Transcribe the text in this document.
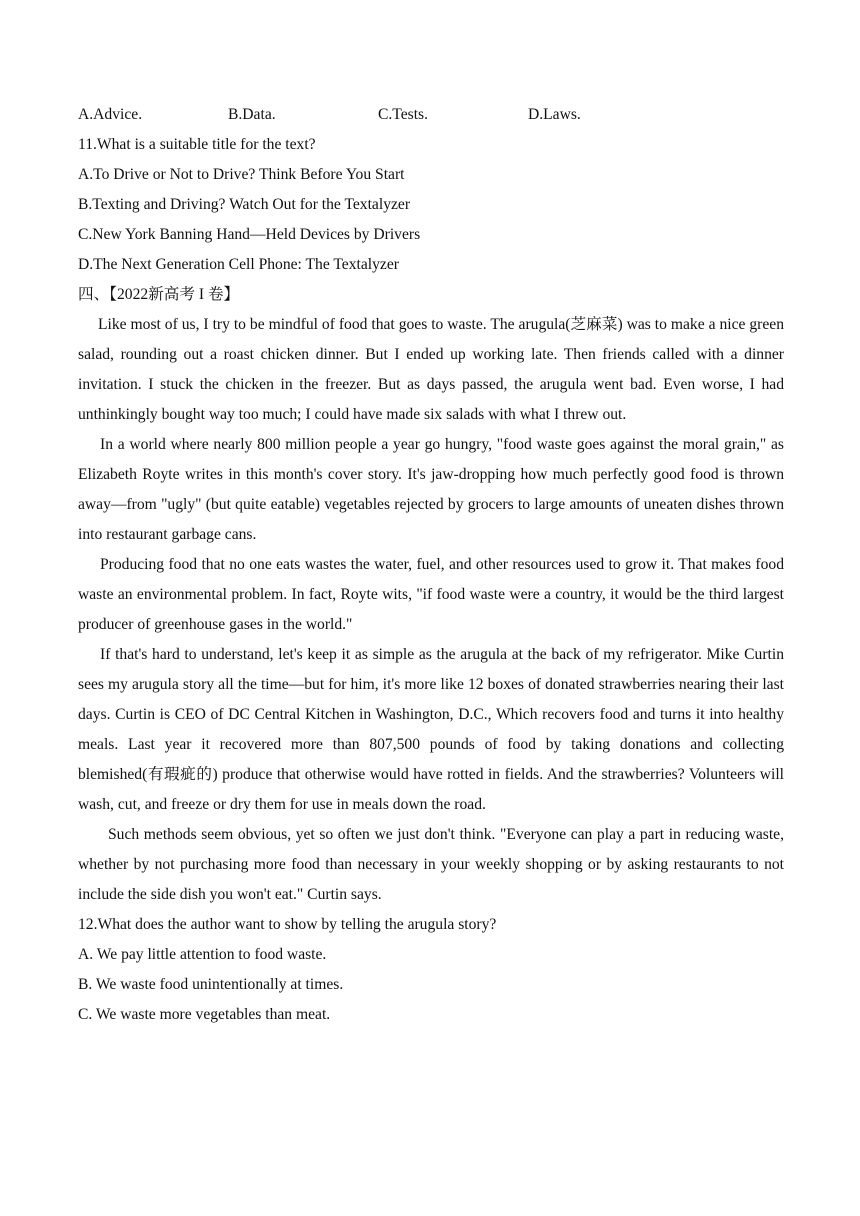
A.Advice.	B.Data.	C.Tests.	D.Laws.
11.What is a suitable title for the text?
A.To Drive or Not to Drive? Think Before You Start
B.Texting and Driving? Watch Out for the Textalyzer
C.New York Banning Hand—Held Devices by Drivers
D.The Next Generation Cell Phone: The Textalyzer
四、【2022新高考 I 卷】

Like most of us, I try to be mindful of food that goes to waste. The arugula(芝麻菜) was to make a nice green salad, rounding out a roast chicken dinner. But I ended up working late. Then friends called with a dinner invitation. I stuck the chicken in the freezer. But as days passed, the arugula went bad. Even worse, I had unthinkingly bought way too much; I could have made six salads with what I threw out.

In a world where nearly 800 million people a year go hungry, "food waste goes against the moral grain," as Elizabeth Royte writes in this month's cover story. It's jaw-dropping how much perfectly good food is thrown away—from "ugly" (but quite eatable) vegetables rejected by grocers to large amounts of uneaten dishes thrown into restaurant garbage cans.

Producing food that no one eats wastes the water, fuel, and other resources used to grow it. That makes food waste an environmental problem. In fact, Royte wits, "if food waste were a country, it would be the third largest producer of greenhouse gases in the world."

If that's hard to understand, let's keep it as simple as the arugula at the back of my refrigerator. Mike Curtin sees my arugula story all the time—but for him, it's more like 12 boxes of donated strawberries nearing their last days. Curtin is CEO of DC Central Kitchen in Washington, D.C., Which recovers food and turns it into healthy meals. Last year it recovered more than 807,500 pounds of food by taking donations and collecting blemished(有瑕疵的) produce that otherwise would have rotted in fields. And the strawberries? Volunteers will wash, cut, and freeze or dry them for use in meals down the road.

Such methods seem obvious, yet so often we just don't think. "Everyone can play a part in reducing waste, whether by not purchasing more food than necessary in your weekly shopping or by asking restaurants to not include the side dish you won't eat." Curtin says.

12.What does the author want to show by telling the arugula story?
A. We pay little attention to food waste.
B. We waste food unintentionally at times.
C. We waste more vegetables than meat.
